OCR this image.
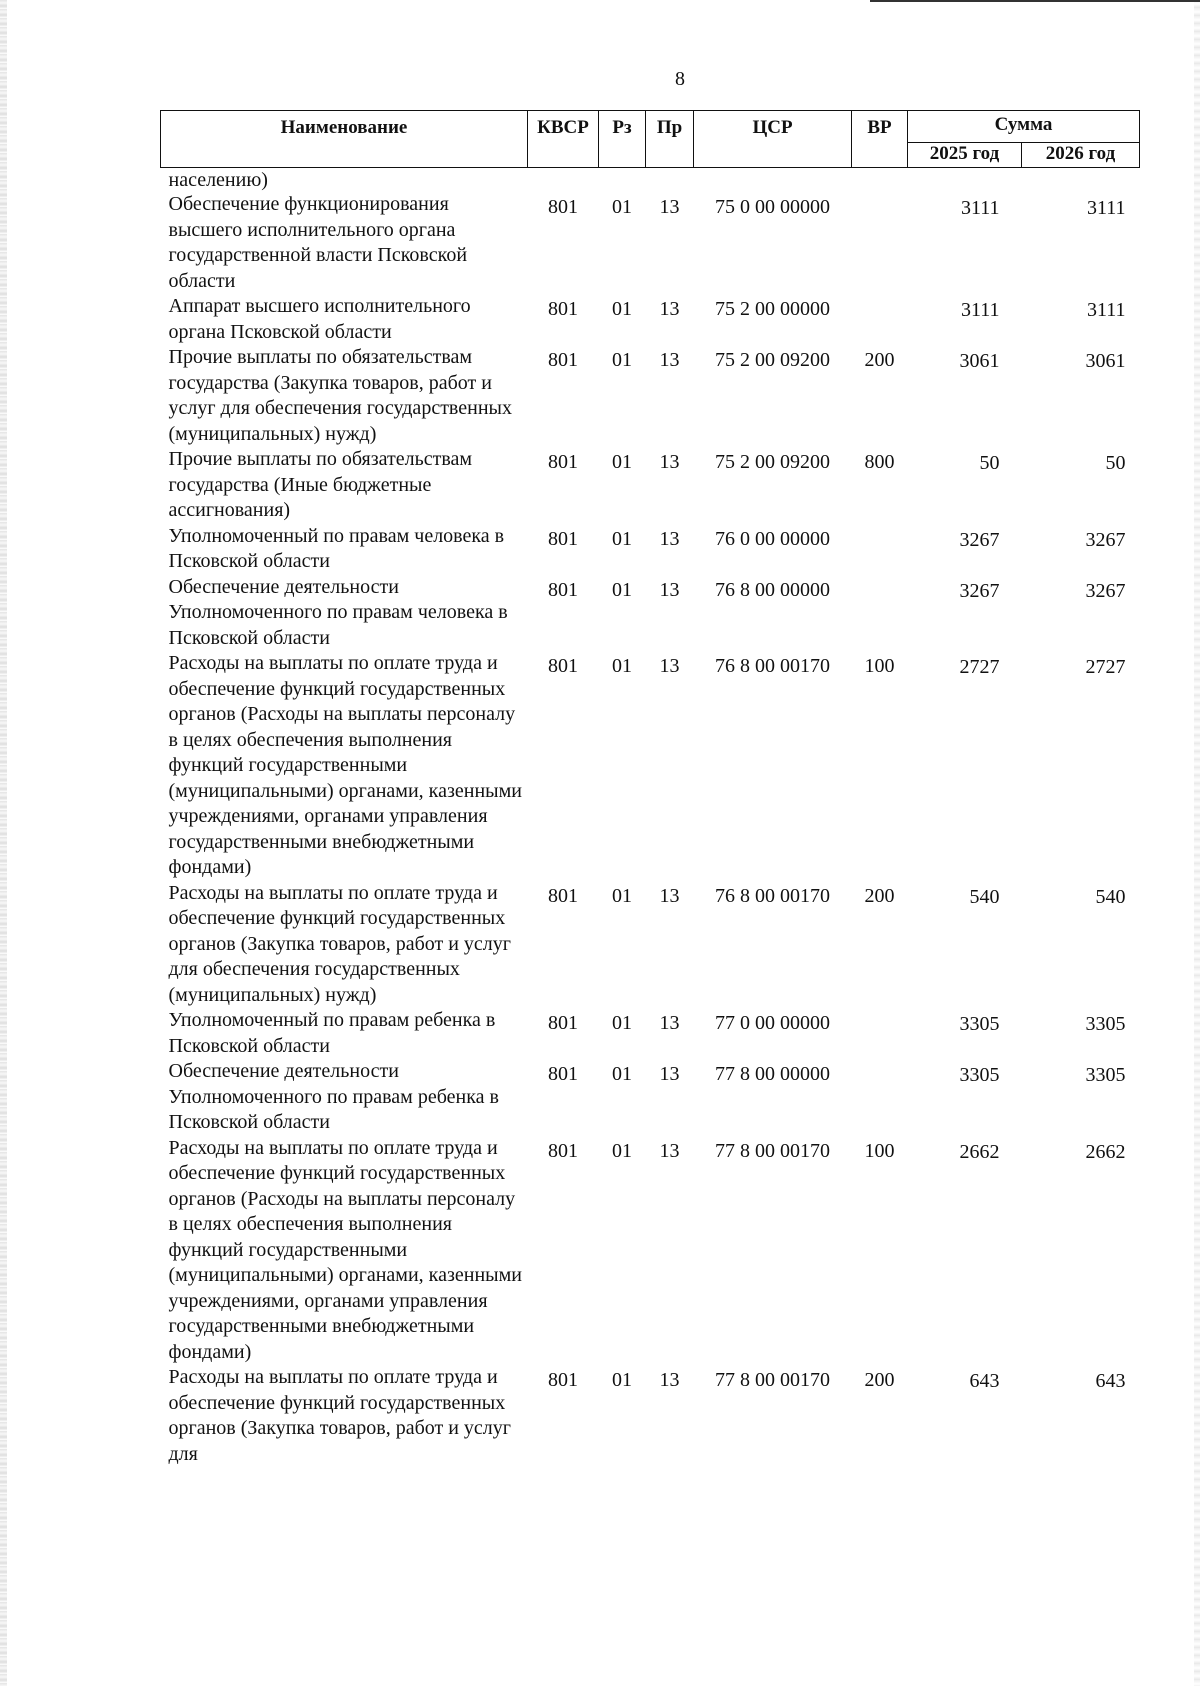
8
Наименование	КВСР	Рз	Пр	ЦСР	ВР	Сумма	
						2025 год	2026 год
населению)							
Обеспечение функционирования высшего исполнительного органа государственной власти Псковской области	801	01	13	75 0 00 00000		3111	3111
Аппарат высшего исполнительного органа Псковской области	801	01	13	75 2 00 00000		3111	3111
Прочие выплаты по обязательствам государства (Закупка товаров, работ и услуг для обеспечения государственных (муниципальных) нужд)	801	01	13	75 2 00 09200	200	3061	3061
Прочие выплаты по обязательствам государства (Иные бюджетные ассигнования)	801	01	13	75 2 00 09200	800	50	50
Уполномоченный по правам человека в Псковской области	801	01	13	76 0 00 00000		3267	3267
Обеспечение деятельности Уполномоченного по правам человека в Псковской области	801	01	13	76 8 00 00000		3267	3267
Расходы на выплаты по оплате труда и обеспечение функций государственных органов (Расходы на выплаты персоналу в целях обеспечения выполнения функций государственными (муниципальными) органами, казенными учреждениями, органами управления государственными внебюджетными фондами)	801	01	13	76 8 00 00170	100	2727	2727
Расходы на выплаты по оплате труда и обеспечение функций государственных органов (Закупка товаров, работ и услуг для обеспечения государственных (муниципальных) нужд)	801	01	13	76 8 00 00170	200	540	540
Уполномоченный по правам ребенка в Псковской области	801	01	13	77 0 00 00000		3305	3305
Обеспечение деятельности Уполномоченного по правам ребенка в Псковской области	801	01	13	77 8 00 00000		3305	3305
Расходы на выплаты по оплате труда и обеспечение функций государственных органов (Расходы на выплаты персоналу в целях обеспечения выполнения функций государственными (муниципальными) органами, казенными учреждениями, органами управления государственными внебюджетными фондами)	801	01	13	77 8 00 00170	100	2662	2662
Расходы на выплаты по оплате труда и обеспечение функций государственных органов (Закупка товаров, работ и услуг для	801	01	13	77 8 00 00170	200	643	643
